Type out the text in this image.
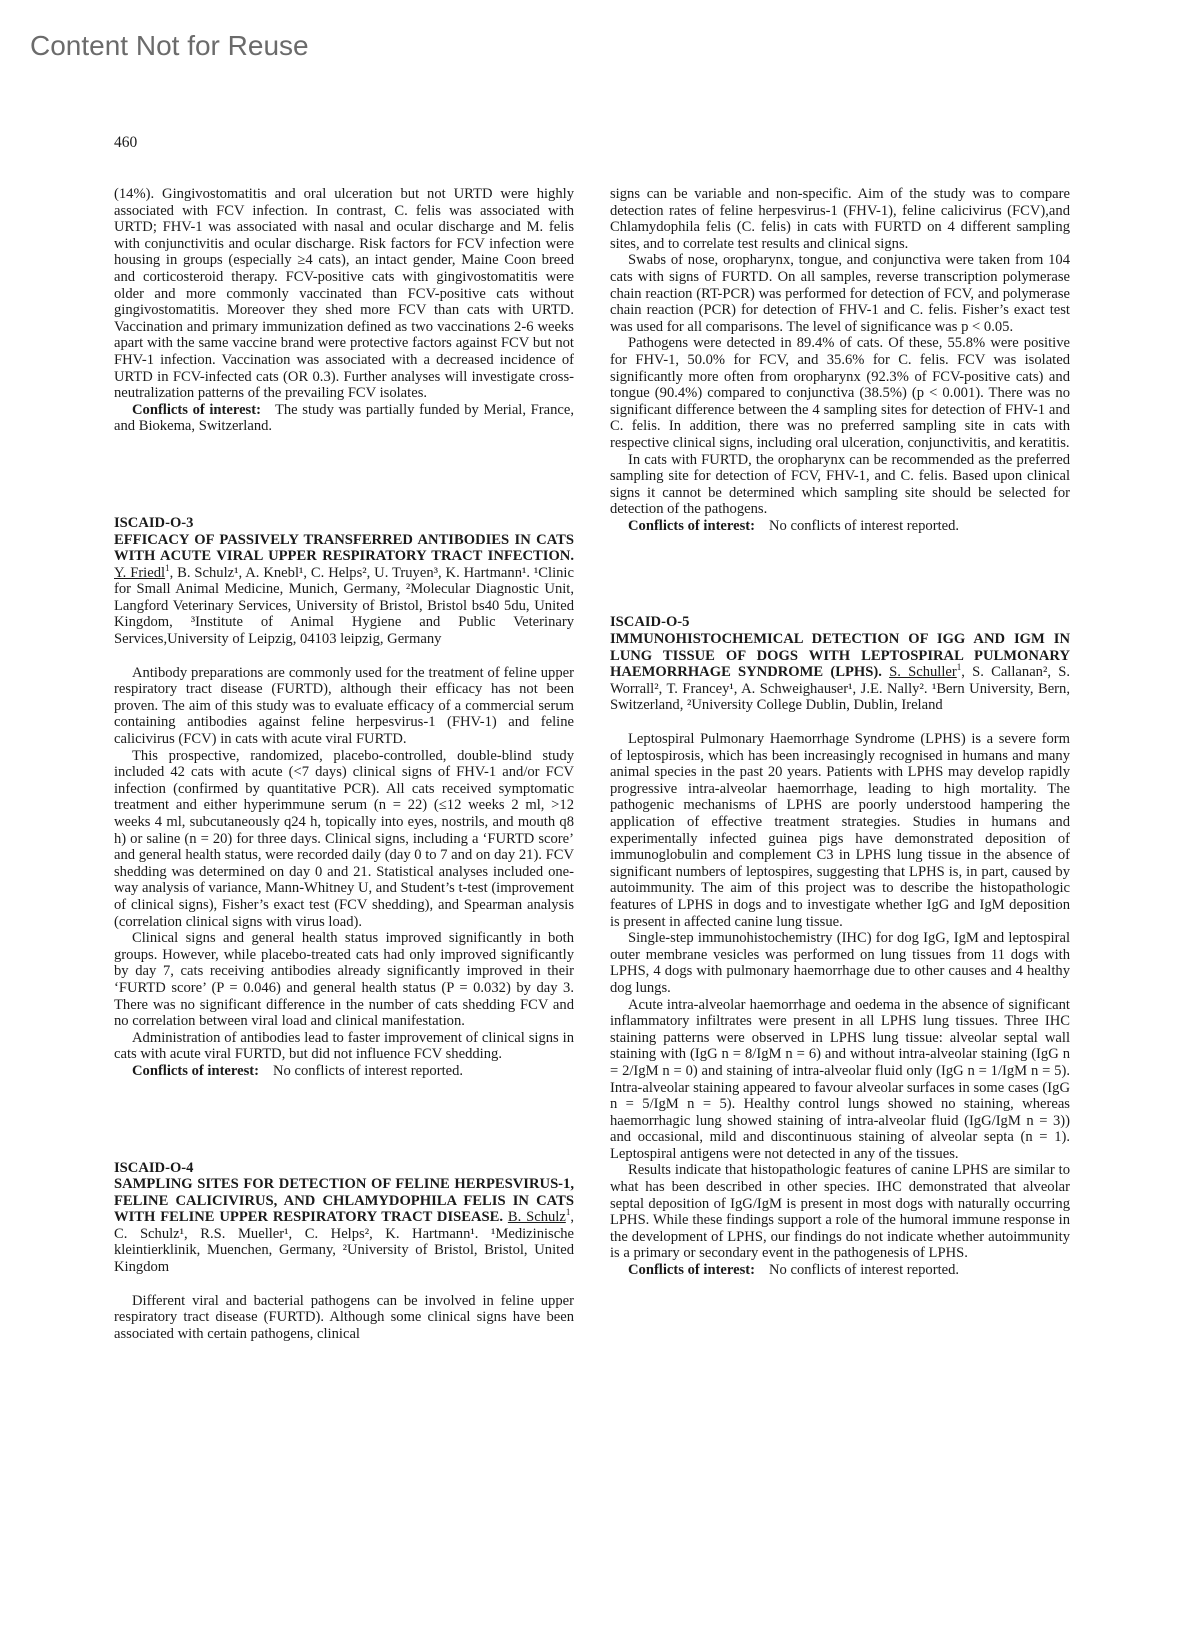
Content Not for Reuse
460

(14%). Gingivostomatitis and oral ulceration but not URTD were highly associated with FCV infection. In contrast, C. felis was associated with URTD; FHV-1 was associated with nasal and ocular discharge and M. felis with conjunctivitis and ocular discharge. Risk factors for FCV infection were housing in groups (especially ≥4 cats), an intact gender, Maine Coon breed and corticosteroid therapy. FCV-positive cats with gingivostomatitis were older and more commonly vaccinated than FCV-positive cats without gingivostomatitis. Moreover they shed more FCV than cats with URTD. Vaccination and primary immunization defined as two vaccinations 2-6 weeks apart with the same vaccine brand were protective factors against FCV but not FHV-1 infection. Vaccination was associated with a decreased incidence of URTD in FCV-infected cats (OR 0.3). Further analyses will investigate cross-neutralization patterns of the prevailing FCV isolates.

Conflicts of interest: The study was partially funded by Merial, France, and Biokema, Switzerland.

ISCAID-O-3

EFFICACY OF PASSIVELY TRANSFERRED ANTIBODIES IN CATS WITH ACUTE VIRAL UPPER RESPIRATORY TRACT INFECTION. Y. Friedl$^1$, B. Schulz¹, A. Knebl¹, C. Helps², U. Truyen³, K. Hartmann¹. ¹Clinic for Small Animal Medicine, Munich, Germany, ²Molecular Diagnostic Unit, Langford Veterinary Services, University of Bristol, Bristol bs40 5du, United Kingdom, ³Institute of Animal Hygiene and Public Veterinary Services,University of Leipzig, 04103 leipzig, Germany

Antibody preparations are commonly used for the treatment of feline upper respiratory tract disease (FURTD), although their efficacy has not been proven. The aim of this study was to evaluate efficacy of a commercial serum containing antibodies against feline herpesvirus-1 (FHV-1) and feline calicivirus (FCV) in cats with acute viral FURTD.

This prospective, randomized, placebo-controlled, double-blind study included 42 cats with acute (<7 days) clinical signs of FHV-1 and/or FCV infection (confirmed by quantitative PCR). All cats received symptomatic treatment and either hyperimmune serum (n = 22) (≤12 weeks 2 ml, >12 weeks 4 ml, subcutaneously q24 h, topically into eyes, nostrils, and mouth q8 h) or saline (n = 20) for three days. Clinical signs, including a ‘FURTD score’ and general health status, were recorded daily (day 0 to 7 and on day 21). FCV shedding was determined on day 0 and 21. Statistical analyses included one-way analysis of variance, Mann-Whitney U, and Student’s t-test (improvement of clinical signs), Fisher’s exact test (FCV shedding), and Spearman analysis (correlation clinical signs with virus load).

Clinical signs and general health status improved significantly in both groups. However, while placebo-treated cats had only improved significantly by day 7, cats receiving antibodies already significantly improved in their ‘FURTD score’ (P = 0.046) and general health status (P = 0.032) by day 3. There was no significant difference in the number of cats shedding FCV and no correlation between viral load and clinical manifestation.

Administration of antibodies lead to faster improvement of clinical signs in cats with acute viral FURTD, but did not influence FCV shedding.

Conflicts of interest: No conflicts of interest reported.

ISCAID-O-4

SAMPLING SITES FOR DETECTION OF FELINE HERPESVIRUS-1, FELINE CALICIVIRUS, AND CHLAMYDOPHILA FELIS IN CATS WITH FELINE UPPER RESPIRATORY TRACT DISEASE. B. Schulz$^1$, C. Schulz¹, R.S. Mueller¹, C. Helps², K. Hartmann¹. ¹Medizinische kleintierklinik, Muenchen, Germany, ²University of Bristol, Bristol, United Kingdom

Different viral and bacterial pathogens can be involved in feline upper respiratory tract disease (FURTD). Although some clinical signs have been associated with certain pathogens, clinical

signs can be variable and non-specific. Aim of the study was to compare detection rates of feline herpesvirus-1 (FHV-1), feline calicivirus (FCV),and Chlamydophila felis (C. felis) in cats with FURTD on 4 different sampling sites, and to correlate test results and clinical signs.

Swabs of nose, oropharynx, tongue, and conjunctiva were taken from 104 cats with signs of FURTD. On all samples, reverse transcription polymerase chain reaction (RT-PCR) was performed for detection of FCV, and polymerase chain reaction (PCR) for detection of FHV-1 and C. felis. Fisher’s exact test was used for all comparisons. The level of significance was p < 0.05.

Pathogens were detected in 89.4% of cats. Of these, 55.8% were positive for FHV-1, 50.0% for FCV, and 35.6% for C. felis. FCV was isolated significantly more often from oropharynx (92.3% of FCV-positive cats) and tongue (90.4%) compared to conjunctiva (38.5%) (p < 0.001). There was no significant difference between the 4 sampling sites for detection of FHV-1 and C. felis. In addition, there was no preferred sampling site in cats with respective clinical signs, including oral ulceration, conjunctivitis, and keratitis.

In cats with FURTD, the oropharynx can be recommended as the preferred sampling site for detection of FCV, FHV-1, and C. felis. Based upon clinical signs it cannot be determined which sampling site should be selected for detection of the pathogens.

Conflicts of interest: No conflicts of interest reported.

ISCAID-O-5

IMMUNOHISTOCHEMICAL DETECTION OF IGG AND IGM IN LUNG TISSUE OF DOGS WITH LEPTOSPIRAL PULMONARY HAEMORRHAGE SYNDROME (LPHS). S. Schuller$^1$, S. Callanan², S. Worrall², T. Francey¹, A. Schweighauser¹, J.E. Nally². ¹Bern University, Bern, Switzerland, ²University College Dublin, Dublin, Ireland

Leptospiral Pulmonary Haemorrhage Syndrome (LPHS) is a severe form of leptospirosis, which has been increasingly recognised in humans and many animal species in the past 20 years. Patients with LPHS may develop rapidly progressive intra-alveolar haemorrhage, leading to high mortality. The pathogenic mechanisms of LPHS are poorly understood hampering the application of effective treatment strategies. Studies in humans and experimentally infected guinea pigs have demonstrated deposition of immunoglobulin and complement C3 in LPHS lung tissue in the absence of significant numbers of leptospires, suggesting that LPHS is, in part, caused by autoimmunity. The aim of this project was to describe the histopathologic features of LPHS in dogs and to investigate whether IgG and IgM deposition is present in affected canine lung tissue.

Single-step immunohistochemistry (IHC) for dog IgG, IgM and leptospiral outer membrane vesicles was performed on lung tissues from 11 dogs with LPHS, 4 dogs with pulmonary haemorrhage due to other causes and 4 healthy dog lungs.

Acute intra-alveolar haemorrhage and oedema in the absence of significant inflammatory infiltrates were present in all LPHS lung tissues. Three IHC staining patterns were observed in LPHS lung tissue: alveolar septal wall staining with (IgG n = 8/IgM n = 6) and without intra-alveolar staining (IgG n = 2/IgM n = 0) and staining of intra-alveolar fluid only (IgG n = 1/IgM n = 5). Intra-alveolar staining appeared to favour alveolar surfaces in some cases (IgG n = 5/IgM n = 5). Healthy control lungs showed no staining, whereas haemorrhagic lung showed staining of intra-alveolar fluid (IgG/IgM n = 3)) and occasional, mild and discontinuous staining of alveolar septa (n = 1). Leptospiral antigens were not detected in any of the tissues.

Results indicate that histopathologic features of canine LPHS are similar to what has been described in other species. IHC demonstrated that alveolar septal deposition of IgG/IgM is present in most dogs with naturally occurring LPHS. While these findings support a role of the humoral immune response in the development of LPHS, our findings do not indicate whether autoimmunity is a primary or secondary event in the pathogenesis of LPHS.

Conflicts of interest: No conflicts of interest reported.
